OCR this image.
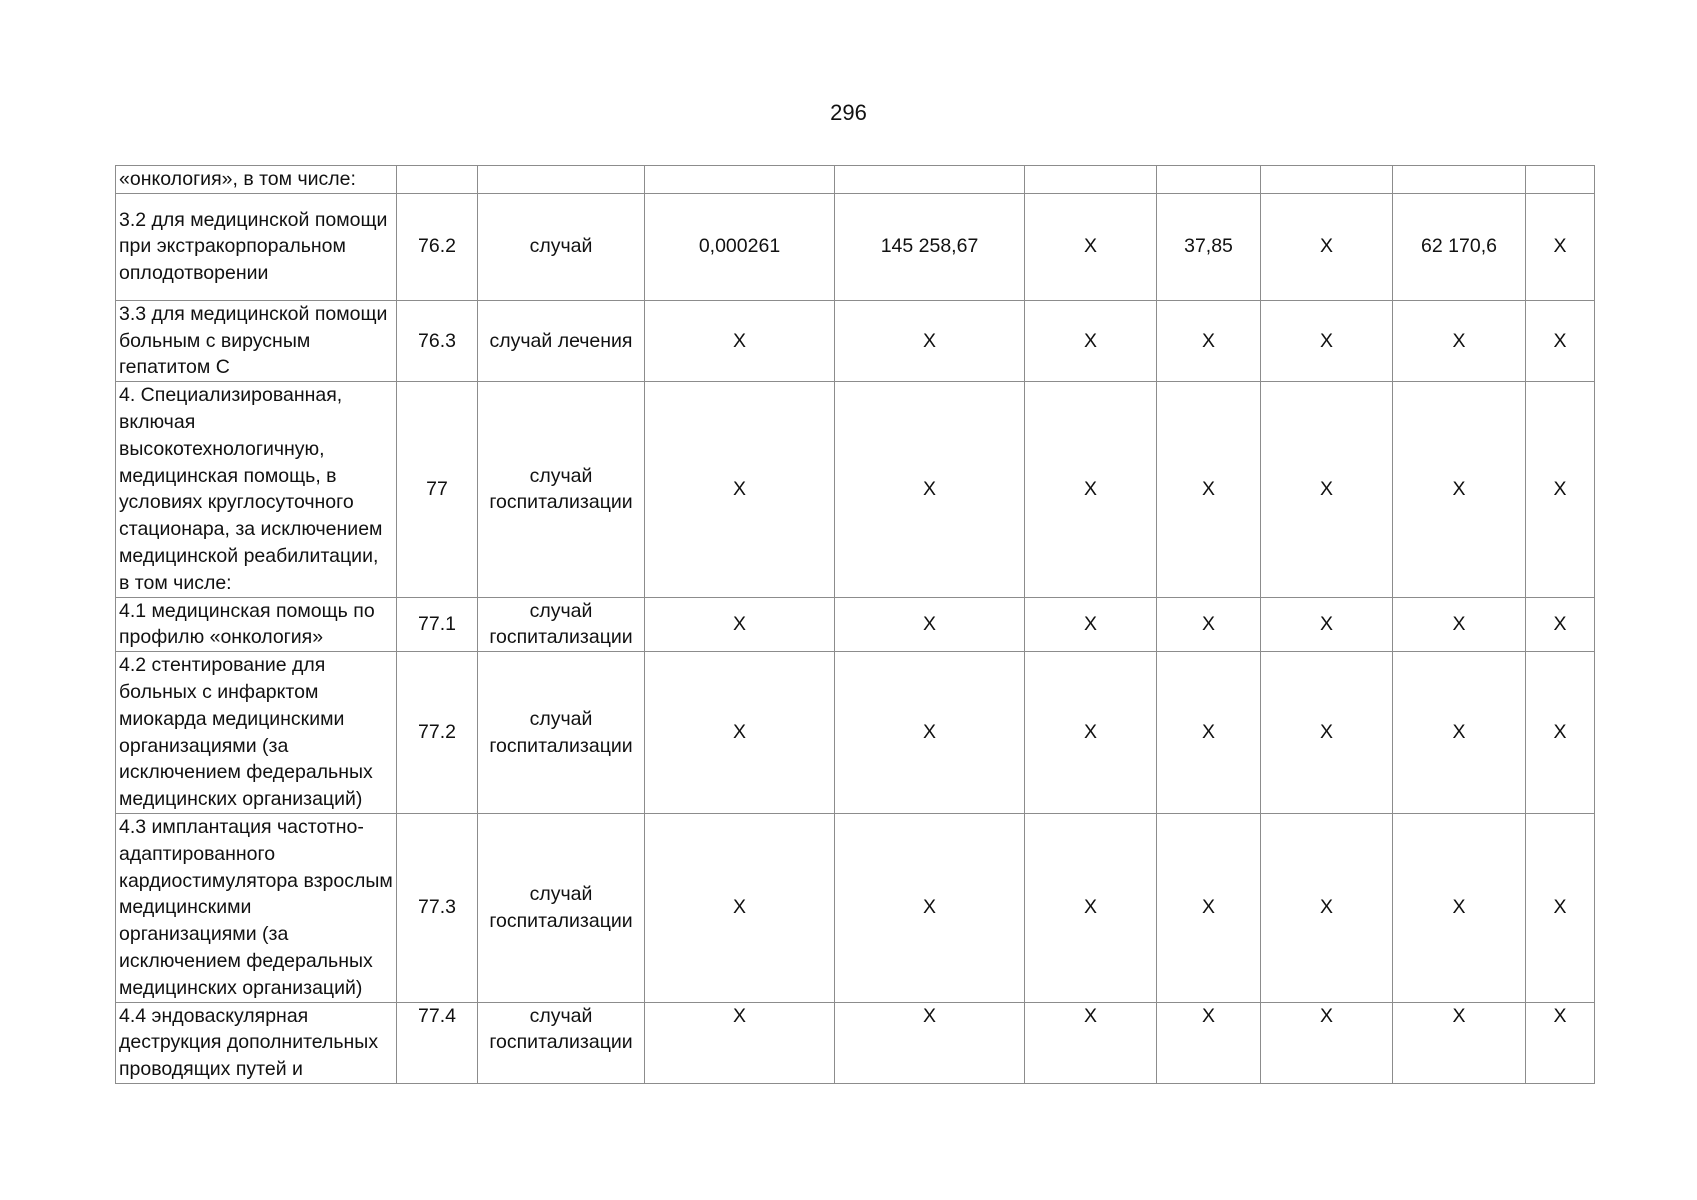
296
«онкология», в том числе:									
3.2 для медицинской помощи при экстракорпоральном оплодотворении	76.2	случай	0,000261	145 258,67	X	37,85	X	62 170,6	X
3.3 для медицинской помощи больным с вирусным гепатитом С	76.3	случай лечения	X	X	X	X	X	X	X
4. Специализированная, включая высокотехнологичную, медицинская помощь, в условиях круглосуточного стационара, за исключением медицинской реабилитации, в том числе:	77	случай госпитализации	X	X	X	X	X	X	X
4.1 медицинская помощь по профилю «онкология»	77.1	случай госпитализации	X	X	X	X	X	X	X
4.2 стентирование для больных с инфарктом миокарда медицинскими организациями (за исключением федеральных медицинских организаций)	77.2	случай госпитализации	X	X	X	X	X	X	X
4.3 имплантация частотно-адаптированного кардиостимулятора взрослым медицинскими организациями (за исключением федеральных медицинских организаций)	77.3	случай госпитализации	X	X	X	X	X	X	X
4.4 эндоваскулярная деструкция дополнительных проводящих путей и	77.4	случай госпитализации	X	X	X	X	X	X	X
